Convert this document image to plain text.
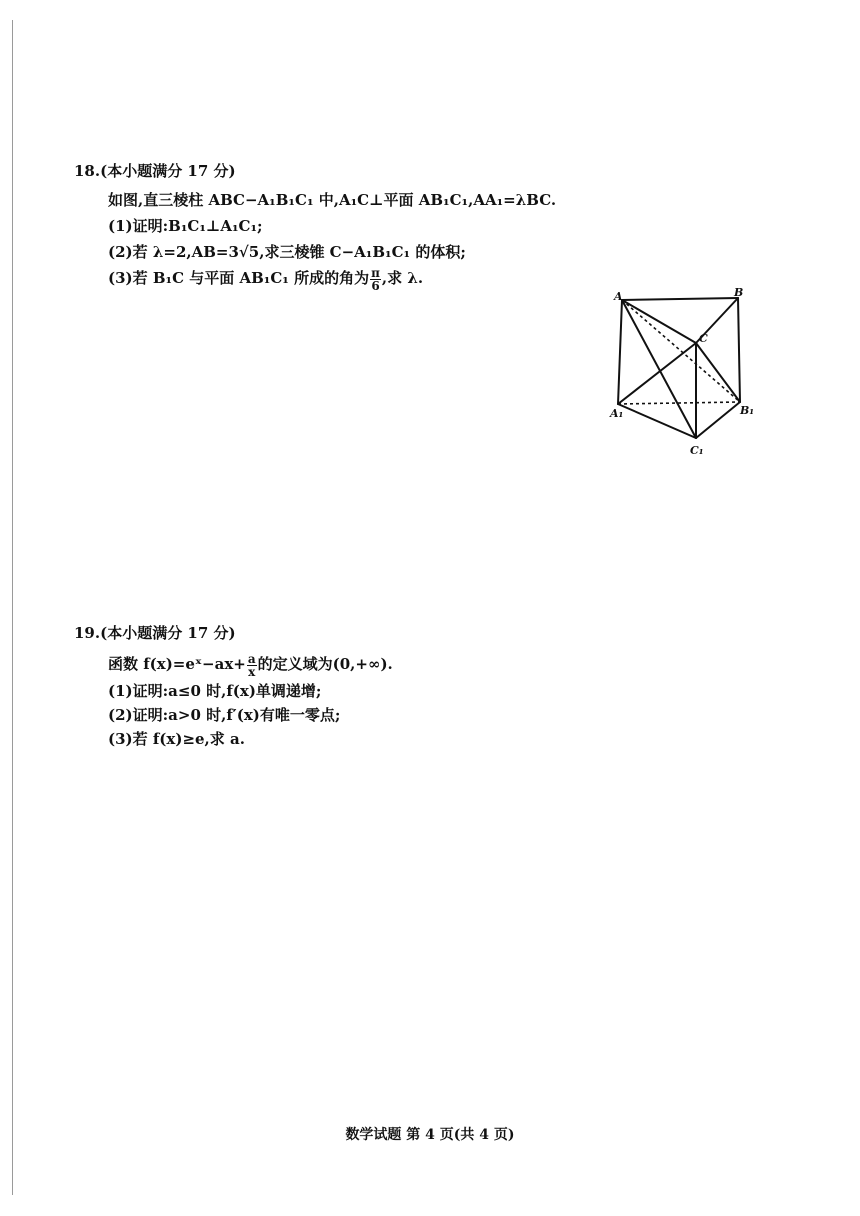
18.(本小题满分 17 分)
如图,直三棱柱 ABC−A₁B₁C₁ 中,A₁C⊥平面 AB₁C₁,AA₁=λBC.
(1)证明:B₁C₁⊥A₁C₁;
(2)若 λ=2,AB=3√5,求三棱锥 C−A₁B₁C₁ 的体积;
(3)若 B₁C 与平面 AB₁C₁ 所成的角为 $\frac{\pi}{6}$ ,求 λ.
A	B
C
A₁	B₁
C₁
19.(本小题满分 17 分)
函数 f(x)=eˣ−ax+ $\frac{a}{x}$ 的定义域为(0,+∞).
(1)证明:a≤0 时,f(x)单调递增;
(2)证明:a>0 时,f′(x)有唯一零点;
(3)若 f(x)≥e,求 a.
数学试题 第 4 页(共 4 页)
